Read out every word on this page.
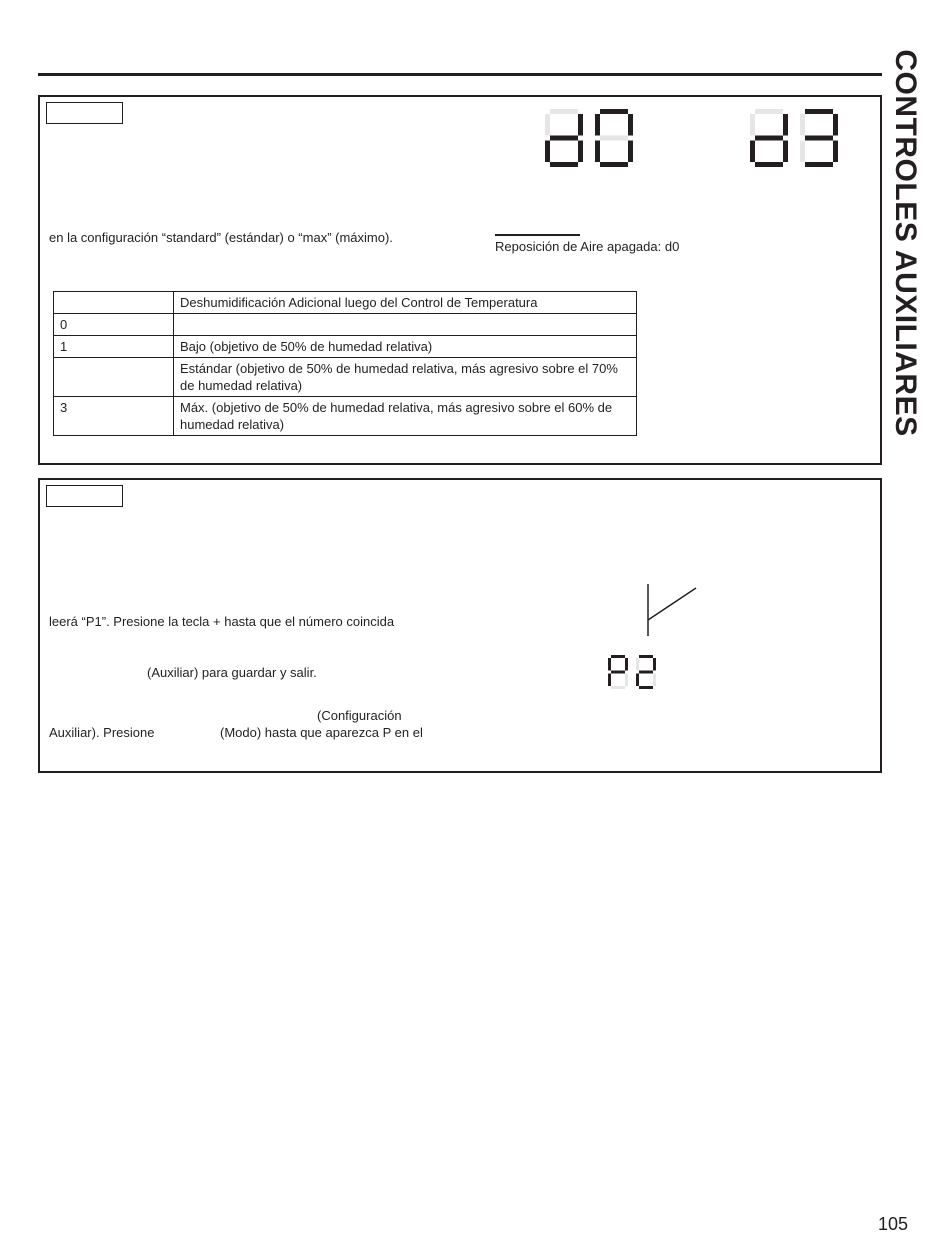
CONTROLES AUXILIARES
en la configuración “standard” (estándar) o “max” (máximo).
Reposición de Aire apagada: d0
	Deshumidificación Adicional luego del Control de Temperatura
0	
1	Bajo (objetivo de 50% de humedad relativa)
	Estándar (objetivo de 50% de humedad relativa, más agresivo sobre el 70% de humedad relativa)
3	Máx. (objetivo de 50% de humedad relativa, más agresivo sobre el 60% de humedad relativa)
leerá “P1”. Presione la tecla + hasta que el número coincida
(Auxiliar) para guardar y salir.
(Configuración
Auxiliar). Presione	(Modo) hasta que aparezca P en el
105
